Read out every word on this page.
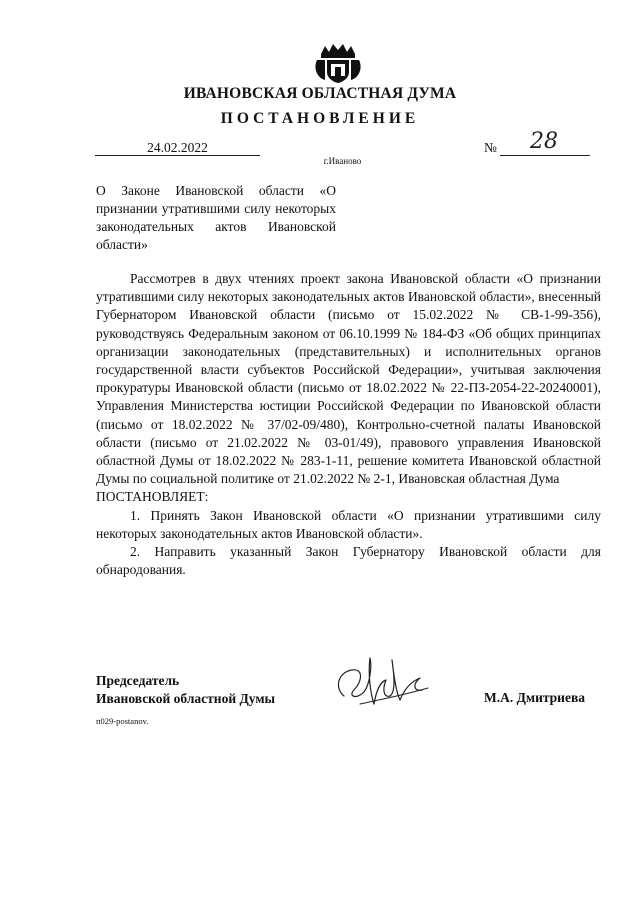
ИВАНОВСКАЯ ОБЛАСТНАЯ ДУМА
ПОСТАНОВЛЕНИЕ
24.02.2022	№ 28
г.Иваново
О Законе Ивановской области «О признании утратившими силу некоторых законодательных актов Ивановской области»

Рассмотрев в двух чтениях проект закона Ивановской области «О признании утратившими силу некоторых законодательных актов Ивановской области», внесенный Губернатором Ивановской области (письмо от 15.02.2022 № СВ-1-99-356), руководствуясь Федеральным законом от 06.10.1999 № 184-ФЗ «Об общих принципах организации законодательных (представительных) и исполнительных органов государственной власти субъектов Российской Федерации», учитывая заключения прокуратуры Ивановской области (письмо от 18.02.2022 № 22-ПЗ-2054-22-20240001), Управления Министерства юстиции Российской Федерации по Ивановской области (письмо от 18.02.2022 № 37/02-09/480), Контрольно-счетной палаты Ивановской области (письмо от 21.02.2022 № 03-01/49), правового управления Ивановской областной Думы от 18.02.2022 № 283-1-11, решение комитета Ивановской областной Думы по социальной политике от 21.02.2022 № 2-1, Ивановская областная Дума

ПОСТАНОВЛЯЕТ:

1. Принять Закон Ивановской области «О признании утратившими силу некоторых законодательных актов Ивановской области».

2. Направить указанный Закон Губернатору Ивановской области для обнародования.

Председатель
Ивановской областной Думы	М.А. Дмитриева
п029-postanov.
